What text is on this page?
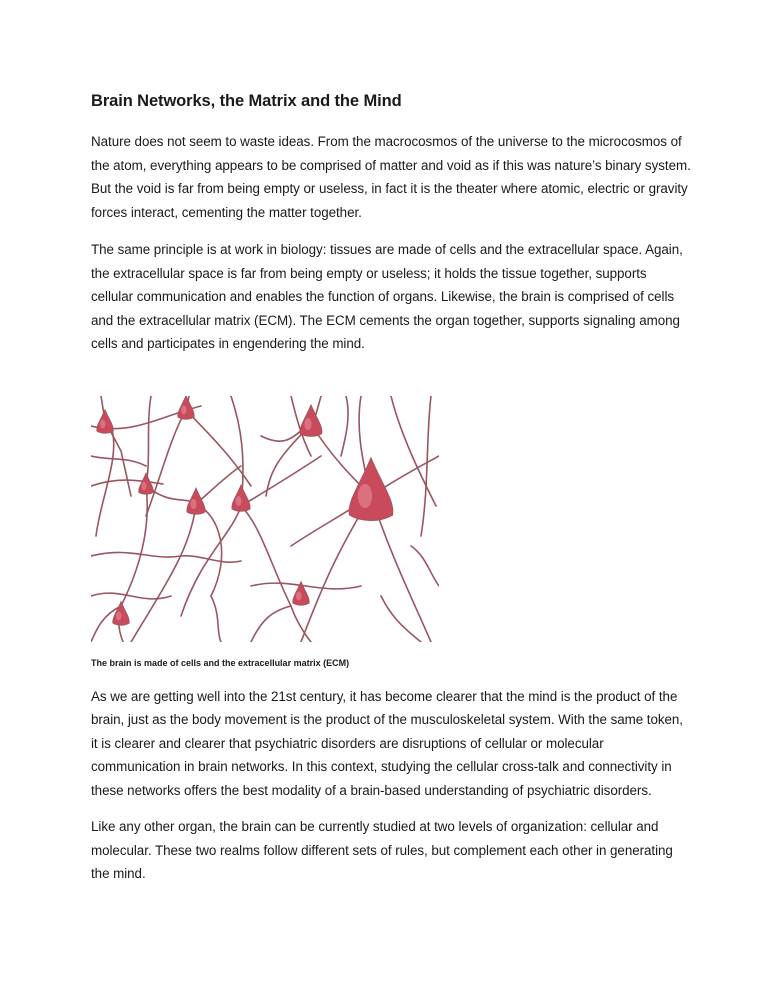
Brain Networks, the Matrix and the Mind

Nature does not seem to waste ideas. From the macrocosmos of the universe to the microcosmos of the atom, everything appears to be comprised of matter and void as if this was nature’s binary system. But the void is far from being empty or useless, in fact it is the theater where atomic, electric or gravity forces interact, cementing the matter together.

The same principle is at work in biology: tissues are made of cells and the extracellular space. Again, the extracellular space is far from being empty or useless; it holds the tissue together, supports cellular communication and enables the function of organs. Likewise, the brain is comprised of cells and the extracellular matrix (ECM). The ECM cements the organ together, supports signaling among cells and participates in engendering the mind.

The brain is made of cells and the extracellular matrix (ECM)

As we are getting well into the 21st century, it has become clearer that the mind is the product of the brain, just as the body movement is the product of the musculoskeletal system. With the same token, it is clearer and clearer that psychiatric disorders are disruptions of cellular or molecular communication in brain networks. In this context, studying the cellular cross-talk and connectivity in these networks offers the best modality of a brain-based understanding of psychiatric disorders.

Like any other organ, the brain can be currently studied at two levels of organization: cellular and molecular. These two realms follow different sets of rules, but complement each other in generating the mind.
